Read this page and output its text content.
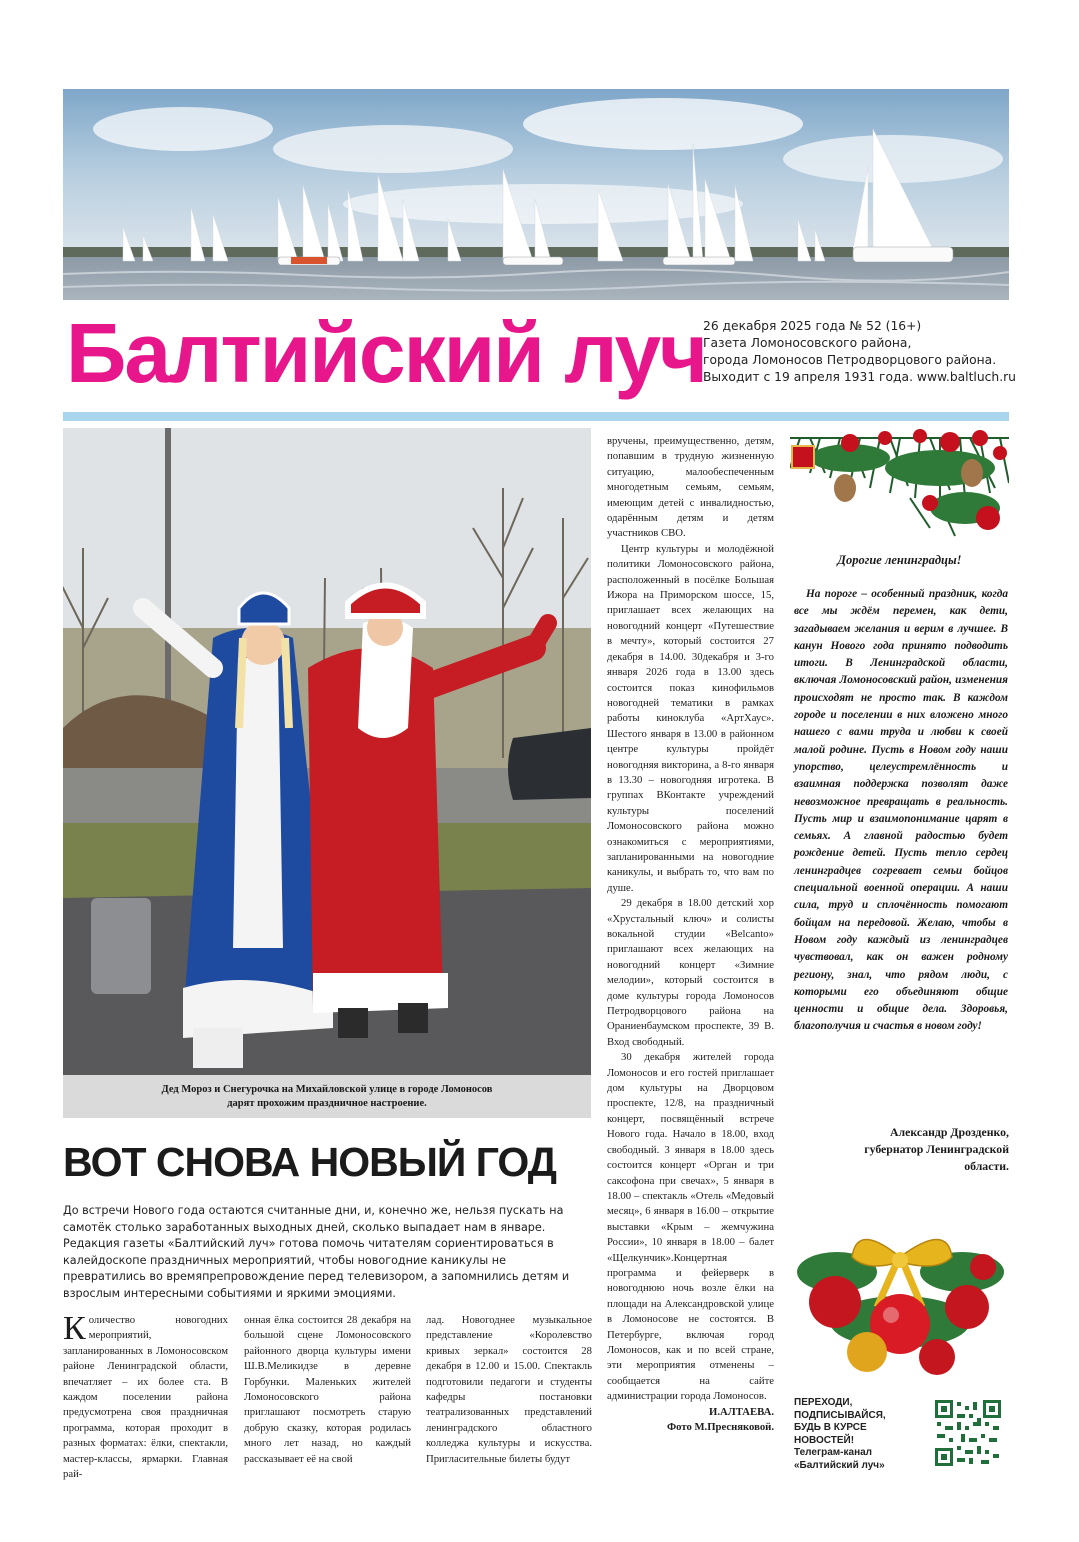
Балтийский луч
26 декабря 2025 года № 52 (16+)
Газета Ломоносовского района,
города Ломоносов Петродворцового района.
Выходит с 19 апреля 1931 года. www.baltluch.ru
Дед Мороз и Снегурочка на Михайловской улице в городе Ломоносов
дарят прохожим праздничное настроение.
ВОТ СНОВА НОВЫЙ ГОД
До встречи Нового года остаются считанные дни, и, конечно же, нельзя пускать на самотёк столько заработанных выходных дней, сколько выпадает нам в январе. Редакция газеты «Балтийский луч» готова помочь читателям сориентироваться в калейдоскопе праздничных мероприятий, чтобы новогодние каникулы не превратились во времяпрепровождение перед телевизором, а запомнились детям и взрослым интересными событиями и яркими эмоциями.

Количество новогодних мероприятий, запланированных в Ломоносовском районе Ленинградской области, впечатляет – их более ста. В каждом поселении района предусмотрена своя праздничная программа, которая проходит в разных форматах: ёлки, спектакли, мастер-классы, ярмарки. Главная рай-

онная ёлка состоится 28 декабря на большой сцене Ломоносовского районного дворца культуры имени Ш.В.Меликидзе в деревне Горбунки. Маленьких жителей Ломоносовского района приглашают посмотреть старую добрую сказку, которая родилась много лет назад, но каждый рассказывает её на свой

лад. Новогоднее музыкальное представление «Королевство кривых зеркал» состоится 28 декабря в 12.00 и 15.00. Спектакль подготовили педагоги и студенты кафедры постановки театрализованных представлений ленинградского областного колледжа культуры и искусства. Пригласительные билеты будут

вручены, преимущественно, детям, попавшим в трудную жизненную ситуацию, малообеспеченным многодетным семьям, семьям, имеющим детей с инвалидностью, одарённым детям и детям участников СВО.

Центр культуры и молодёжной политики Ломоносовского района, расположенный в посёлке Большая Ижора на Приморском шоссе, 15, приглашает всех желающих на новогодний концерт «Путешествие в мечту», который состоится 27 декабря в 14.00. 30декабря и 3-го января 2026 года в 13.00 здесь состоится показ кинофильмов новогодней тематики в рамках работы киноклуба «АртХаус». Шестого января в 13.00 в районном центре культуры пройдёт новогодняя викторина, а 8-го января в 13.30 – новогодняя игротека. В группах ВКонтакте учреждений культуры поселений Ломоносовского района можно ознакомиться с мероприятиями, запланированными на новогодние каникулы, и выбрать то, что вам по душе.

29 декабря в 18.00 детский хор «Хрустальный ключ» и солисты вокальной студии «Belcanto» приглашают всех желающих на новогодний концерт «Зимние мелодии», который состоится в доме культуры города Ломоносов Петродворцового района на Ораниенбаумском проспекте, 39 В. Вход свободный.

30 декабря жителей города Ломоносов и его гостей приглашает дом культуры на Дворцовом проспекте, 12/8, на праздничный концерт, посвящённый встрече Нового года. Начало в 18.00, вход свободный. 3 января в 18.00 здесь состоится концерт «Орган и три саксофона при свечах», 5 января в 18.00 – спектакль «Отель «Медовый месяц», 6 января в 16.00 – открытие выставки «Крым – жемчужина России», 10 января в 18.00 – балет «Щелкунчик».Концертная программа и фейерверк в новогоднюю ночь возле ёлки на площади на Александровской улице в Ломоносове не состоятся. В Петербурге, включая город Ломоносов, как и по всей стране, эти мероприятия отменены – сообщается на сайте администрации города Ломоносов.

И.АЛТАЕВА.

Фото М.Пресняковой.

Дорогие ленинградцы!

На пороге – особенный праздник, когда все мы ждём перемен, как дети, загадываем желания и верим в лучшее. В канун Нового года принято подводить итоги. В Ленинградской области, включая Ломоносовский район, изменения происходят не просто так. В каждом городе и поселении в них вложено много нашего с вами труда и любви к своей малой родине. Пусть в Новом году наши упорство, целеустремлённость и взаимная поддержка позволят даже невозможное превращать в реальность. Пусть мир и взаимопонимание царят в семьях. А главной радостью будет рождение детей. Пусть тепло сердец ленинградцев согревает семьи бойцов специальной военной операции. А наши сила, труд и сплочённость помогают бойцам на передовой. Желаю, чтобы в Новом году каждый из ленинградцев чувствовал, как он важен родному региону, знал, что рядом люди, с которыми его объединяют общие ценности и общие дела. Здоровья, благополучия и счастья в новом году!

Александр Дрозденко,
губернатор Ленинградской
области.
ПЕРЕХОДИ,
ПОДПИСЫВАЙСЯ,
БУДЬ В КУРСЕ
НОВОСТЕЙ!
Телеграм-канал
«Балтийский луч»
